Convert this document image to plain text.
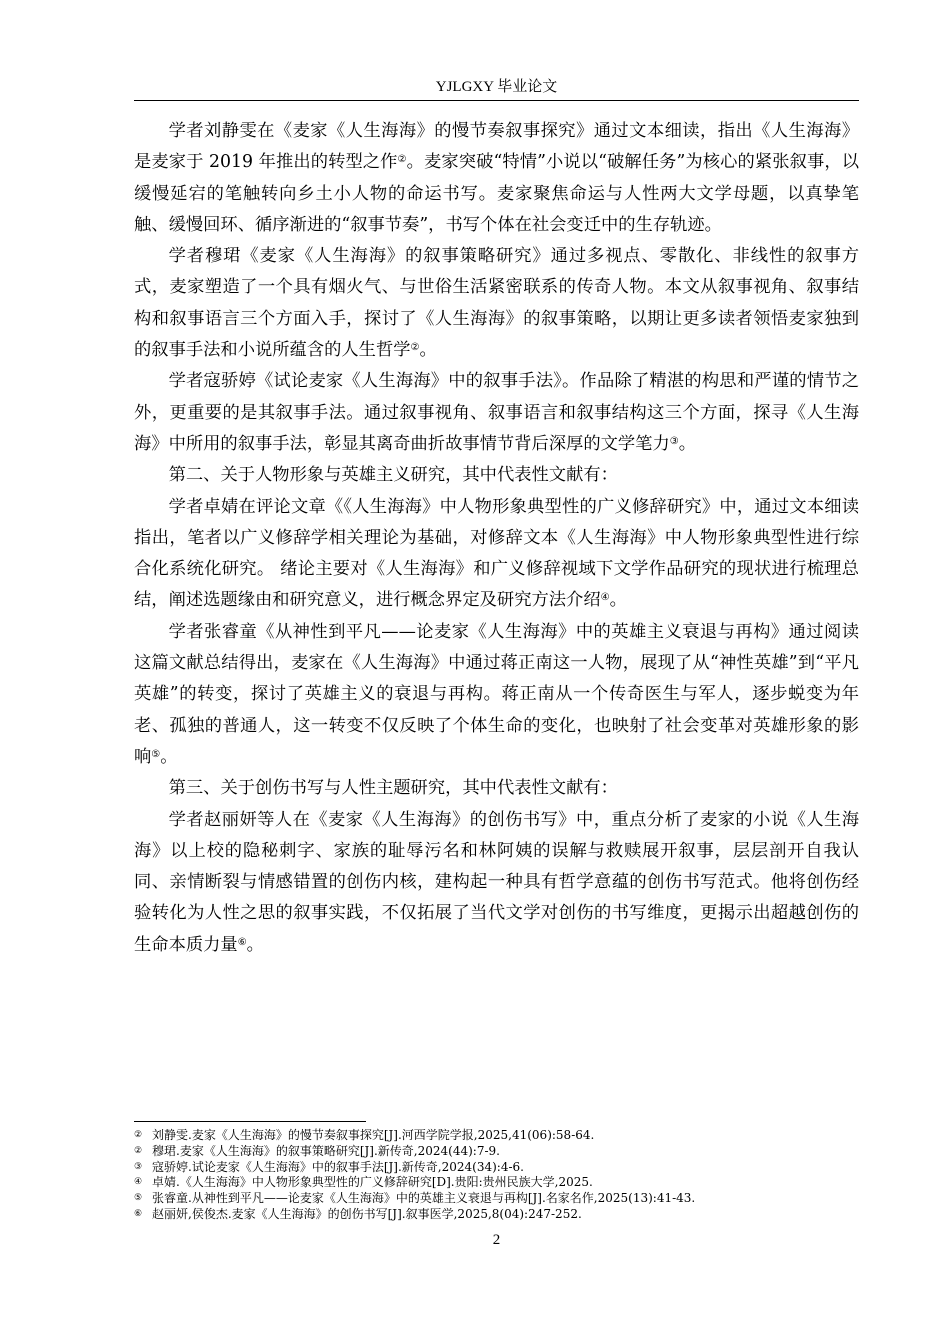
YJLGXY 毕业论文

学者刘静雯在《麦家《人生海海》的慢节奏叙事探究》通过文本细读，指出《人生海海》是麦家于 2019 年推出的转型之作②。麦家突破“特情”小说以“破解任务”为核心的紧张叙事，以缓慢延宕的笔触转向乡土小人物的命运书写。麦家聚焦命运与人性两大文学母题，以真挚笔触、缓慢回环、循序渐进的“叙事节奏”，书写个体在社会变迁中的生存轨迹。

学者穆珺《麦家《人生海海》的叙事策略研究》通过多视点、零散化、非线性的叙事方式，麦家塑造了一个具有烟火气、与世俗生活紧密联系的传奇人物。本文从叙事视角、叙事结构和叙事语言三个方面入手，探讨了《人生海海》的叙事策略，以期让更多读者领悟麦家独到的叙事手法和小说所蕴含的人生哲学②。

学者寇骄婷《试论麦家《人生海海》中的叙事手法》。作品除了精湛的构思和严谨的情节之外，更重要的是其叙事手法。通过叙事视角、叙事语言和叙事结构这三个方面，探寻《人生海海》中所用的叙事手法，彰显其离奇曲折故事情节背后深厚的文学笔力③。

第二、关于人物形象与英雄主义研究，其中代表性文献有：

学者卓婧在评论文章《《人生海海》中人物形象典型性的广义修辞研究》中，通过文本细读指出，笔者以广义修辞学相关理论为基础，对修辞文本《人生海海》中人物形象典型性进行综合化系统化研究。 绪论主要对《人生海海》和广义修辞视域下文学作品研究的现状进行梳理总结，阐述选题缘由和研究意义，进行概念界定及研究方法介绍④。

学者张睿童《从神性到平凡——论麦家《人生海海》中的英雄主义衰退与再构》通过阅读这篇文献总结得出，麦家在《人生海海》中通过蒋正南这一人物，展现了从“神性英雄”到“平凡英雄”的转变，探讨了英雄主义的衰退与再构。蒋正南从一个传奇医生与军人，逐步蜕变为年老、孤独的普通人，这一转变不仅反映了个体生命的变化，也映射了社会变革对英雄形象的影响⑤。

第三、关于创伤书写与人性主题研究，其中代表性文献有：

学者赵丽妍等人在《麦家《人生海海》的创伤书写》中，重点分析了麦家的小说《人生海海》以上校的隐秘刺字、家族的耻辱污名和林阿姨的误解与救赎展开叙事，层层剖开自我认同、亲情断裂与情感错置的创伤内核，建构起一种具有哲学意蕴的创伤书写范式。他将创伤经验转化为人性之思的叙事实践，不仅拓展了当代文学对创伤的书写维度，更揭示出超越创伤的生命本质力量⑥。

② 刘静雯.麦家《人生海海》的慢节奏叙事探究[J].河西学院学报,2025,41(06):58-64.
② 穆珺.麦家《人生海海》的叙事策略研究[J].新传奇,2024(44):7-9.
③ 寇骄婷.试论麦家《人生海海》中的叙事手法[J].新传奇,2024(34):4-6.
④ 卓婧.《人生海海》中人物形象典型性的广义修辞研究[D].贵阳:贵州民族大学,2025.
⑤ 张睿童.从神性到平凡——论麦家《人生海海》中的英雄主义衰退与再构[J].名家名作,2025(13):41-43.
⑥ 赵丽妍,侯俊杰.麦家《人生海海》的创伤书写[J].叙事医学,2025,8(04):247-252.
2
